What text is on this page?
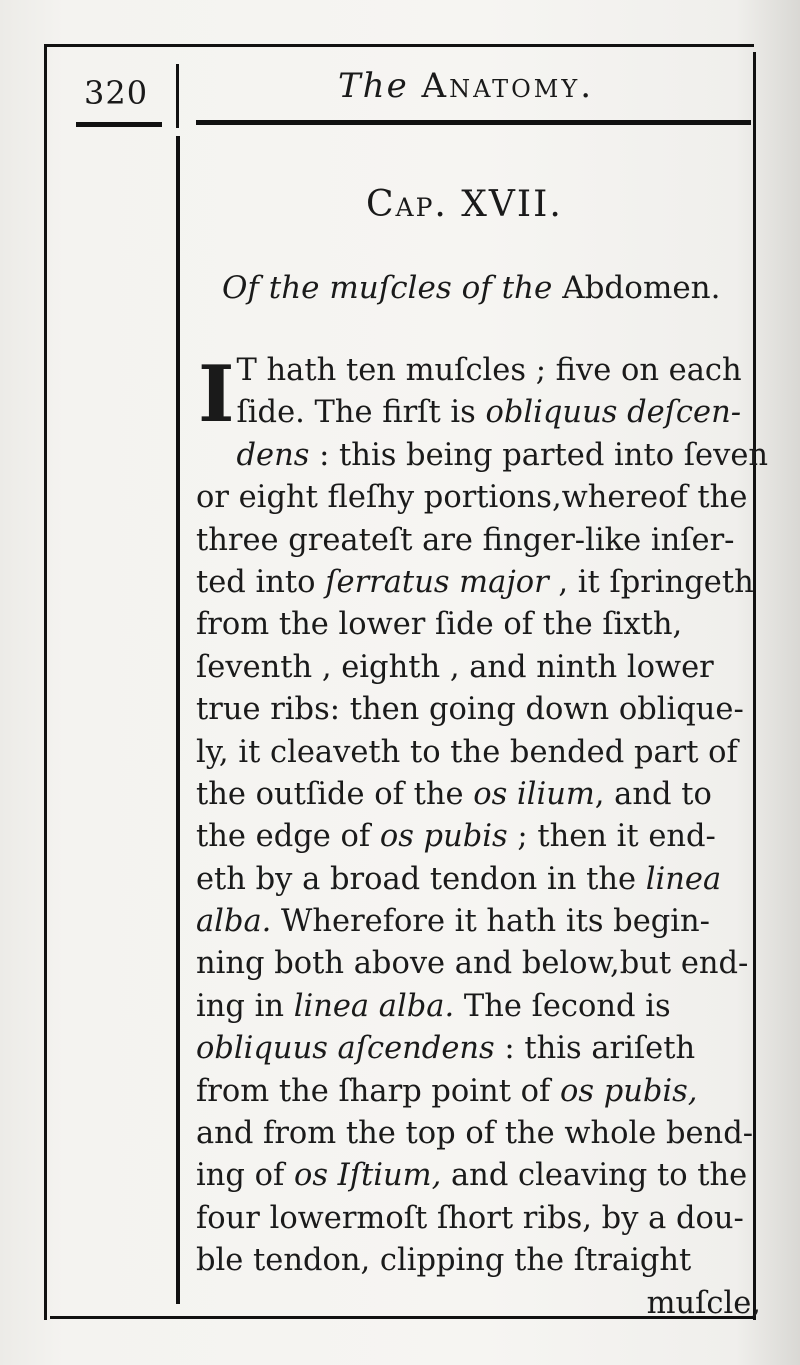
320	The Anatomy.
Cap. XVII.
Of the muſcles of the Abdomen.
I T hath ten muſcles ; five on each
ſide. The firſt is obliquus deſcen-
dens : this being parted into ſeven
or eight fleſhy portions,whereof the
three greateſt are finger-like inſer-
ted into ſerratus major , it ſpringeth
from the lower ſide of the ſixth,
ſeventh , eighth , and ninth lower
true ribs: then going down oblique-
ly, it cleaveth to the bended part of
the outſide of the os ilium, and to
the edge of os pubis ; then it end-
eth by a broad tendon in the linea
alba. Wherefore it hath its begin-
ning both above and below,but end-
ing in linea alba. The ſecond is
obliquus aſcendens : this ariſeth
from the ſharp point of os pubis,
and from the top of the whole bend-
ing of os Iſtium, and cleaving to the
four lowermoſt ſhort ribs, by a dou-
ble tendon, clipping the ſtraight
muſcle,
